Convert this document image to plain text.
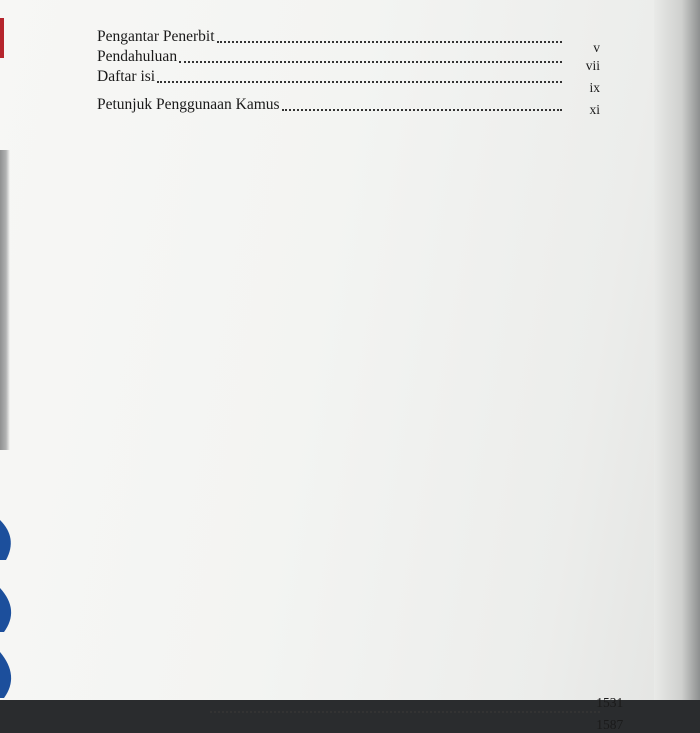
Pengantar Penerbit
v
Pendahuluan
vii
Daftar isi
ix
Petunjuk Penggunaan Kamus	xi
1531
1587
